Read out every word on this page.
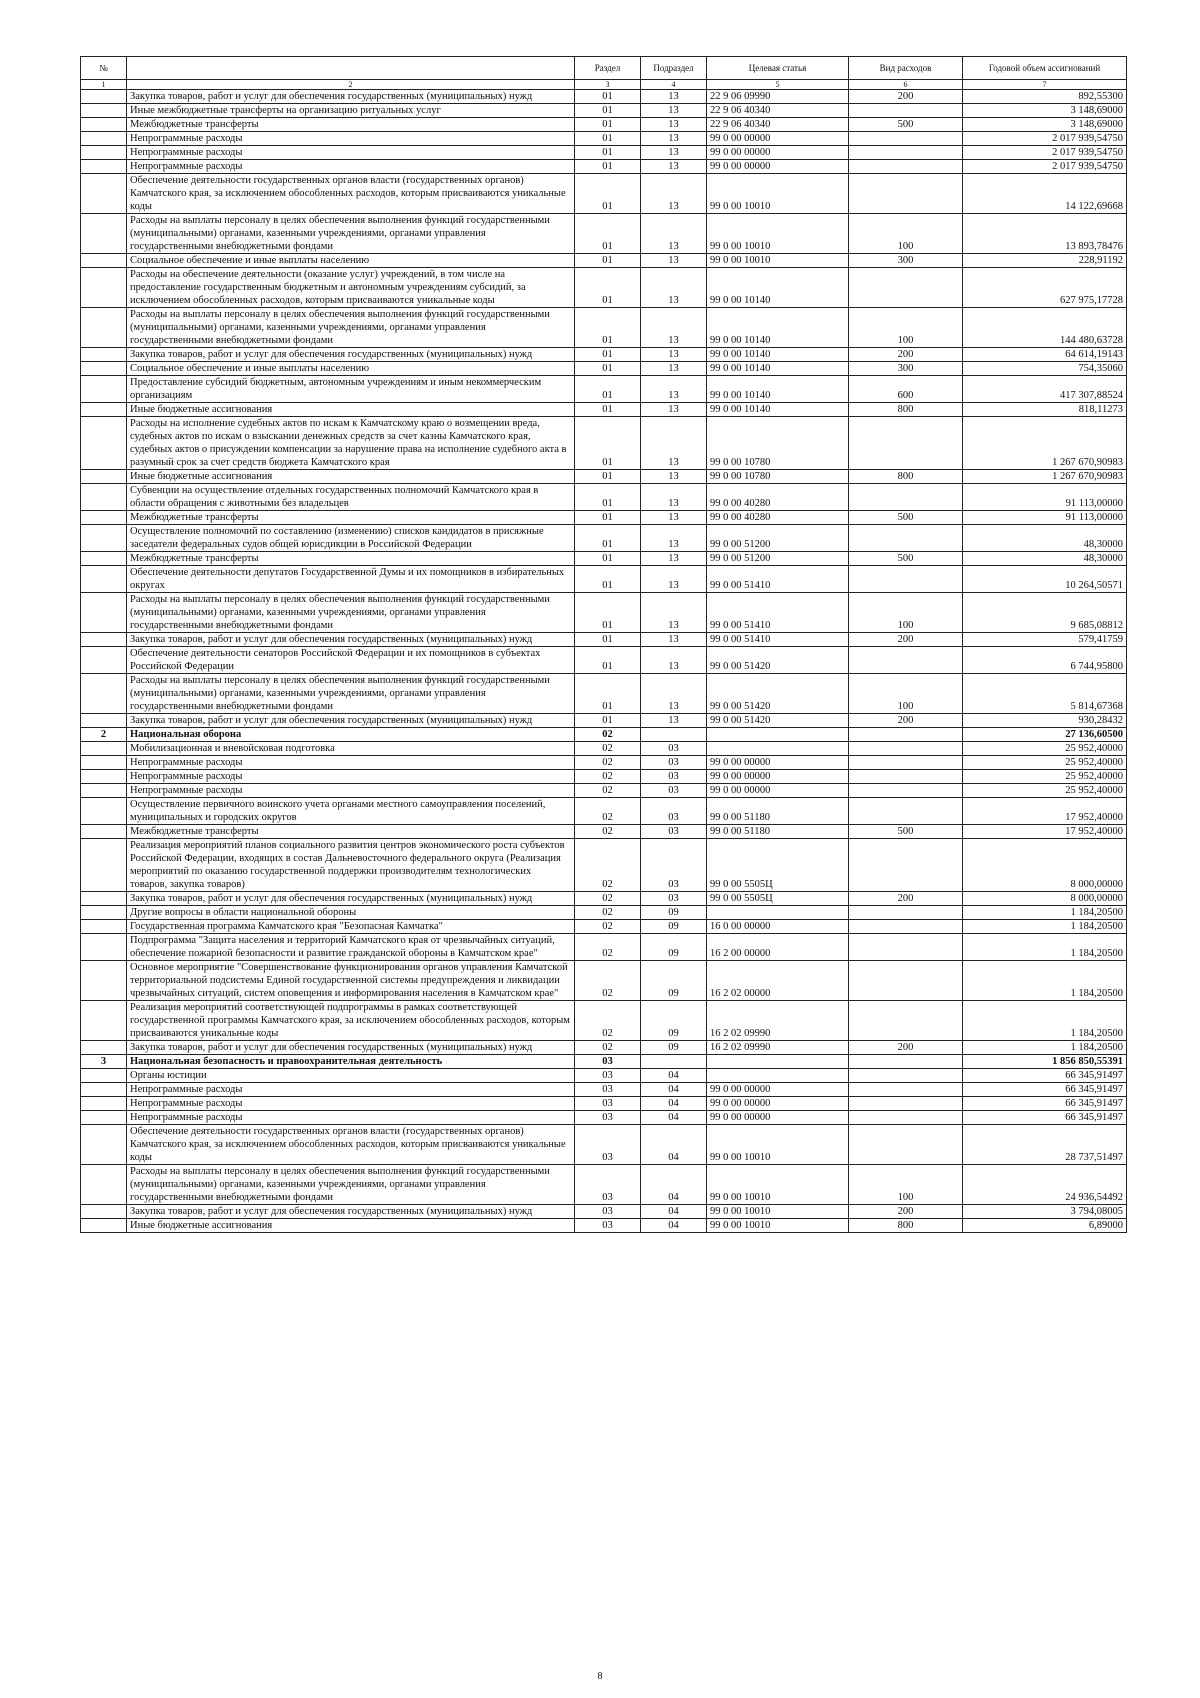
№		Раздел	Подраздел	Целевая статья	Вид расходов	Годовой объем ассигнований
1	2	3	4	5	6	7
	Закупка товаров, работ и услуг для обеспечения государственных (муниципальных) нужд	01	13	22 9 06 09990	200	892,55300
	Иные межбюджетные трансферты на организацию ритуальных услуг	01	13	22 9 06 40340		3 148,69000
	Межбюджетные трансферты	01	13	22 9 06 40340	500	3 148,69000
	Непрограммные расходы	01	13	99 0 00 00000		2 017 939,54750
	Непрограммные расходы	01	13	99 0 00 00000		2 017 939,54750
	Непрограммные расходы	01	13	99 0 00 00000		2 017 939,54750
	Обеспечение деятельности государственных органов власти (государственных органов) Камчатского края, за исключением обособленных расходов, которым присваиваются уникальные коды	01	13	99 0 00 10010		14 122,69668
	Расходы на выплаты персоналу в целях обеспечения выполнения функций государственными (муниципальными) органами, казенными учреждениями, органами управления государственными внебюджетными фондами	01	13	99 0 00 10010	100	13 893,78476
	Социальное обеспечение и иные выплаты населению	01	13	99 0 00 10010	300	228,91192
	Расходы на обеспечение деятельности (оказание услуг) учреждений, в том числе на предоставление государственным бюджетным и автономным учреждениям субсидий, за исключением обособленных расходов, которым присваиваются уникальные коды	01	13	99 0 00 10140		627 975,17728
	Расходы на выплаты персоналу в целях обеспечения выполнения функций государственными (муниципальными) органами, казенными учреждениями, органами управления государственными внебюджетными фондами	01	13	99 0 00 10140	100	144 480,63728
	Закупка товаров, работ и услуг для обеспечения государственных (муниципальных) нужд	01	13	99 0 00 10140	200	64 614,19143
	Социальное обеспечение и иные выплаты населению	01	13	99 0 00 10140	300	754,35060
	Предоставление субсидий бюджетным, автономным учреждениям и иным некоммерческим организациям	01	13	99 0 00 10140	600	417 307,88524
	Иные бюджетные ассигнования	01	13	99 0 00 10140	800	818,11273
	Расходы на исполнение судебных актов по искам к Камчатскому краю о возмещении вреда, судебных актов по искам о взыскании денежных средств за счет казны Камчатского края, судебных актов о присуждении компенсации за нарушение права на исполнение судебного акта в разумный срок за счет средств бюджета Камчатского края	01	13	99 0 00 10780		1 267 670,90983
	Иные бюджетные ассигнования	01	13	99 0 00 10780	800	1 267 670,90983
	Субвенции на осуществление отдельных государственных полномочий Камчатского края в области обращения с животными без владельцев	01	13	99 0 00 40280		91 113,00000
	Межбюджетные трансферты	01	13	99 0 00 40280	500	91 113,00000
	Осуществление полномочий по составлению (изменению) списков кандидатов в присяжные заседатели федеральных судов общей юрисдикции в Российской Федерации	01	13	99 0 00 51200		48,30000
	Межбюджетные трансферты	01	13	99 0 00 51200	500	48,30000
	Обеспечение деятельности депутатов Государственной Думы и их помощников в избирательных округах	01	13	99 0 00 51410		10 264,50571
	Расходы на выплаты персоналу в целях обеспечения выполнения функций государственными (муниципальными) органами, казенными учреждениями, органами управления государственными внебюджетными фондами	01	13	99 0 00 51410	100	9 685,08812
	Закупка товаров, работ и услуг для обеспечения государственных (муниципальных) нужд	01	13	99 0 00 51410	200	579,41759
	Обеспечение деятельности сенаторов Российской Федерации и их помощников в субъектах Российской Федерации	01	13	99 0 00 51420		6 744,95800
	Расходы на выплаты персоналу в целях обеспечения выполнения функций государственными (муниципальными) органами, казенными учреждениями, органами управления государственными внебюджетными фондами	01	13	99 0 00 51420	100	5 814,67368
	Закупка товаров, работ и услуг для обеспечения государственных (муниципальных) нужд	01	13	99 0 00 51420	200	930,28432
2	Национальная оборона	02				27 136,60500
	Мобилизационная и вневойсковая подготовка	02	03			25 952,40000
	Непрограммные расходы	02	03	99 0 00 00000		25 952,40000
	Непрограммные расходы	02	03	99 0 00 00000		25 952,40000
	Непрограммные расходы	02	03	99 0 00 00000		25 952,40000
	Осуществление первичного воинского учета органами местного самоуправления поселений, муниципальных и городских округов	02	03	99 0 00 51180		17 952,40000
	Межбюджетные трансферты	02	03	99 0 00 51180	500	17 952,40000
	Реализация мероприятий планов социального развития центров экономического роста субъектов Российской Федерации, входящих в состав Дальневосточного федерального округа (Реализация мероприятий по оказанию государственной поддержки производителям технологических товаров, закупка товаров)	02	03	99 0 00 5505Ц		8 000,00000
	Закупка товаров, работ и услуг для обеспечения государственных (муниципальных) нужд	02	03	99 0 00 5505Ц	200	8 000,00000
	Другие вопросы в области национальной обороны	02	09			1 184,20500
	Государственная программа Камчатского края "Безопасная Камчатка"	02	09	16 0 00 00000		1 184,20500
	Подпрограмма "Защита населения и территорий Камчатского края от чрезвычайных ситуаций, обеспечение пожарной безопасности и развитие гражданской обороны в Камчатском крае"	02	09	16 2 00 00000		1 184,20500
	Основное мероприятие "Совершенствование функционирования органов управления Камчатской территориальной подсистемы Единой государственной системы предупреждения и ликвидации чрезвычайных ситуаций, систем оповещения и информирования населения в Камчатском крае"	02	09	16 2 02 00000		1 184,20500
	Реализация мероприятий соответствующей подпрограммы в рамках соответствующей государственной программы Камчатского края, за исключением обособленных расходов, которым присваиваются уникальные коды	02	09	16 2 02 09990		1 184,20500
	Закупка товаров, работ и услуг для обеспечения государственных (муниципальных) нужд	02	09	16 2 02 09990	200	1 184,20500
3	Национальная безопасность и правоохранительная деятельность	03				1 856 850,55391
	Органы юстиции	03	04			66 345,91497
	Непрограммные расходы	03	04	99 0 00 00000		66 345,91497
	Непрограммные расходы	03	04	99 0 00 00000		66 345,91497
	Непрограммные расходы	03	04	99 0 00 00000		66 345,91497
	Обеспечение деятельности государственных органов власти (государственных органов) Камчатского края, за исключением обособленных расходов, которым присваиваются уникальные коды	03	04	99 0 00 10010		28 737,51497
	Расходы на выплаты персоналу в целях обеспечения выполнения функций государственными (муниципальными) органами, казенными учреждениями, органами управления государственными внебюджетными фондами	03	04	99 0 00 10010	100	24 936,54492
	Закупка товаров, работ и услуг для обеспечения государственных (муниципальных) нужд	03	04	99 0 00 10010	200	3 794,08005
	Иные бюджетные ассигнования	03	04	99 0 00 10010	800	6,89000
8
